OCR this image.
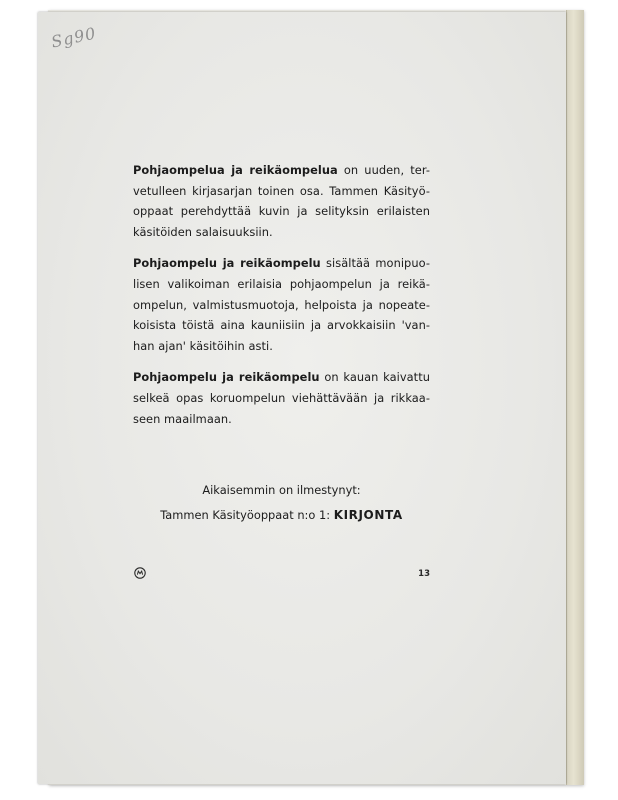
Sg90

Pohjaompelua ja reikäompelua on uuden, ter-
vetulleen kirjasarjan toinen osa. Tammen Käsityö-
oppaat perehdyttää kuvin ja selityksin erilaisten
käsitöiden salaisuuksiin.

Pohjaompelu ja reikäompelu sisältää monipuo-
lisen valikoiman erilaisia pohjaompelun ja reikä-
ompelun, valmistusmuotoja, helpoista ja nopeate-
koisista töistä aina kauniisiin ja arvokkaisiin 'van-
han ajan' käsitöihin asti.

Pohjaompelu ja reikäompelu on kauan kaivattu
selkeä opas koruompelun viehättävään ja rikkaa-
seen maailmaan.

Aikaisemmin on ilmestynyt:
Tammen Käsityöoppaat n:o 1: KIRJONTA
13
